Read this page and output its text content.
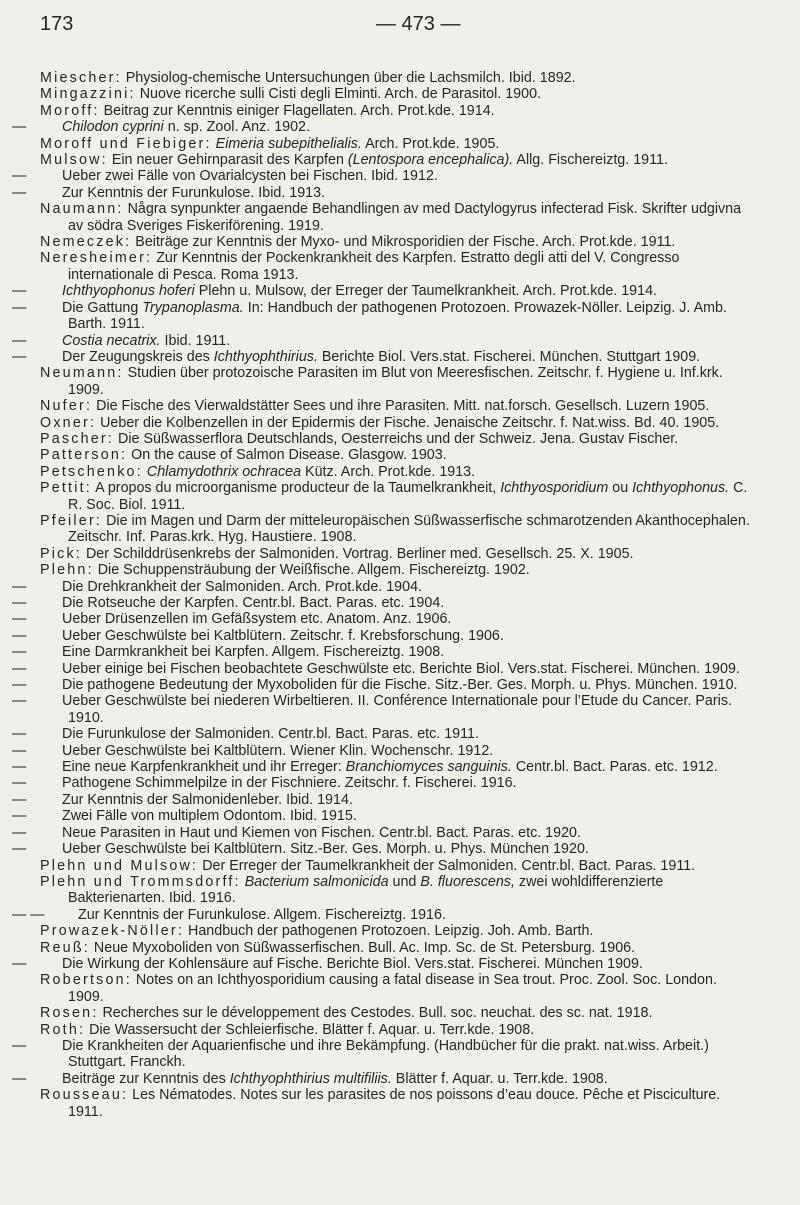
173	— 473 —

Miescher: Physiolog-chemische Untersuchungen über die Lachsmilch. Ibid. 1892.

Mingazzini: Nuove ricerche sulli Cisti degli Elminti. Arch. de Parasitol. 1900.

Moroff: Beitrag zur Kenntnis einiger Flagellaten. Arch. Prot.kde. 1914.

— Chilodon cyprini n. sp. Zool. Anz. 1902.

Moroff und Fiebiger: Eimeria subepithelialis. Arch. Prot.kde. 1905.

Mulsow: Ein neuer Gehirnparasit des Karpfen (Lentospora encephalica). Allg. Fischereiztg. 1911.

— Ueber zwei Fälle von Ovarialcysten bei Fischen. Ibid. 1912.

— Zur Kenntnis der Furunkulose. Ibid. 1913.

Naumann: Några synpunkter angaende Behandlingen av med Dactylogyrus infecterad Fisk. Skrifter udgivna av södra Sveriges Fiskeriförening. 1919.

Nemeczek: Beiträge zur Kenntnis der Myxo- und Mikrosporidien der Fische. Arch. Prot.kde. 1911.

Neresheimer: Zur Kenntnis der Pockenkrankheit des Karpfen. Estratto degli atti del V. Congresso internationale di Pesca. Roma 1913.

— Ichthyophonus hoferi Plehn u. Mulsow, der Erreger der Taumelkrankheit. Arch. Prot.kde. 1914.

— Die Gattung Trypanoplasma. In: Handbuch der pathogenen Protozoen. Prowazek-Nöller. Leipzig. J. Amb. Barth. 1911.

— Costia necatrix. Ibid. 1911.

— Der Zeugungskreis des Ichthyophthirius. Berichte Biol. Vers.stat. Fischerei. München. Stuttgart 1909.

Neumann: Studien über protozoische Parasiten im Blut von Meeresfischen. Zeitschr. f. Hygiene u. Inf.krk. 1909.

Nufer: Die Fische des Vierwaldstätter Sees und ihre Parasiten. Mitt. nat.forsch. Gesellsch. Luzern 1905.

Oxner: Ueber die Kolbenzellen in der Epidermis der Fische. Jenaische Zeitschr. f. Nat.wiss. Bd. 40. 1905.

Pascher: Die Süßwasserflora Deutschlands, Oesterreichs und der Schweiz. Jena. Gustav Fischer.

Patterson: On the cause of Salmon Disease. Glasgow. 1903.

Petschenko: Chlamydothrix ochracea Kütz. Arch. Prot.kde. 1913.

Pettit: A propos du microorganisme producteur de la Taumelkrankheit, Ichthyosporidium ou Ichthyophonus. C. R. Soc. Biol. 1911.

Pfeiler: Die im Magen und Darm der mitteleuropäischen Süßwasserfische schmarotzenden Akanthocephalen. Zeitschr. Inf. Paras.krk. Hyg. Haustiere. 1908.

Pick: Der Schilddrüsenkrebs der Salmoniden. Vortrag. Berliner med. Gesellsch. 25. X. 1905.

Plehn: Die Schuppensträubung der Weißfische. Allgem. Fischereiztg. 1902.

— Die Drehkrankheit der Salmoniden. Arch. Prot.kde. 1904.

— Die Rotseuche der Karpfen. Centr.bl. Bact. Paras. etc. 1904.

— Ueber Drüsenzellen im Gefäßsystem etc. Anatom. Anz. 1906.

— Ueber Geschwülste bei Kaltblütern. Zeitschr. f. Krebsforschung. 1906.

— Eine Darmkrankheit bei Karpfen. Allgem. Fischereiztg. 1908.

— Ueber einige bei Fischen beobachtete Geschwülste etc. Berichte Biol. Vers.stat. Fischerei. München. 1909.

— Die pathogene Bedeutung der Myxoboliden für die Fische. Sitz.-Ber. Ges. Morph. u. Phys. München. 1910.

— Ueber Geschwülste bei niederen Wirbeltieren. II. Conférence Internationale pour l’Etude du Cancer. Paris. 1910.

— Die Furunkulose der Salmoniden. Centr.bl. Bact. Paras. etc. 1911.

— Ueber Geschwülste bei Kaltblütern. Wiener Klin. Wochenschr. 1912.

— Eine neue Karpfenkrankheit und ihr Erreger: Branchiomyces sanguinis. Centr.bl. Bact. Paras. etc. 1912.

— Pathogene Schimmelpilze in der Fischniere. Zeitschr. f. Fischerei. 1916.

— Zur Kenntnis der Salmonidenleber. Ibid. 1914.

— Zwei Fälle von multiplem Odontom. Ibid. 1915.

— Neue Parasiten in Haut und Kiemen von Fischen. Centr.bl. Bact. Paras. etc. 1920.

— Ueber Geschwülste bei Kaltblütern. Sitz.-Ber. Ges. Morph. u. Phys. München 1920.

Plehn und Mulsow: Der Erreger der Taumelkrankheit der Salmoniden. Centr.bl. Bact. Paras. 1911.

Plehn und Trommsdorff: Bacterium salmonicida und B. fluorescens, zwei wohldifferenzierte Bakterienarten. Ibid. 1916.

— — Zur Kenntnis der Furunkulose. Allgem. Fischereiztg. 1916.

Prowazek-Nöller: Handbuch der pathogenen Protozoen. Leipzig. Joh. Amb. Barth.

Reuß: Neue Myxoboliden von Süßwasserfischen. Bull. Ac. Imp. Sc. de St. Petersburg. 1906.

— Die Wirkung der Kohlensäure auf Fische. Berichte Biol. Vers.stat. Fischerei. München 1909.

Robertson: Notes on an Ichthyosporidium causing a fatal disease in Sea trout. Proc. Zool. Soc. London. 1909.

Rosen: Recherches sur le développement des Cestodes. Bull. soc. neuchat. des sc. nat. 1918.

Roth: Die Wassersucht der Schleierfische. Blätter f. Aquar. u. Terr.kde. 1908.

— Die Krankheiten der Aquarienfische und ihre Bekämpfung. (Handbücher für die prakt. nat.wiss. Arbeit.) Stuttgart. Franckh.

— Beiträge zur Kenntnis des Ichthyophthirius multifiliis. Blätter f. Aquar. u. Terr.kde. 1908.

Rousseau: Les Nématodes. Notes sur les parasites de nos poissons d’eau douce. Pêche et Pisciculture. 1911.
